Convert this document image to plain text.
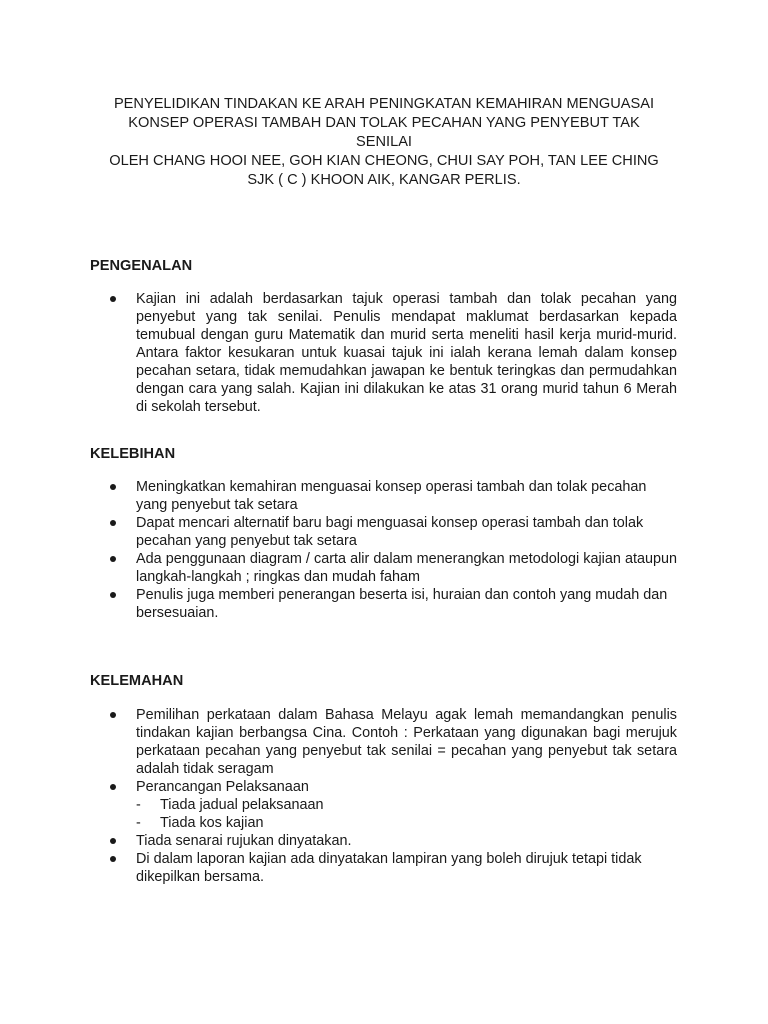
PENYELIDIKAN TINDAKAN KE ARAH PENINGKATAN KEMAHIRAN MENGUASAI
KONSEP OPERASI TAMBAH DAN TOLAK PECAHAN YANG PENYEBUT TAK
SENILAI
OLEH CHANG HOOI NEE, GOH KIAN CHEONG, CHUI SAY POH, TAN LEE CHING
SJK ( C ) KHOON AIK, KANGAR PERLIS.
PENGENALAN
Kajian ini adalah berdasarkan tajuk operasi tambah dan tolak pecahan yang penyebut yang tak senilai. Penulis mendapat maklumat berdasarkan kepada temubual dengan guru Matematik dan murid serta meneliti hasil kerja murid-murid. Antara faktor kesukaran untuk kuasai tajuk ini ialah kerana lemah dalam konsep pecahan setara, tidak memudahkan jawapan ke bentuk teringkas dan permudahkan dengan cara yang salah. Kajian ini dilakukan ke atas 31 orang murid tahun 6 Merah di sekolah tersebut.
KELEBIHAN
Meningkatkan kemahiran menguasai konsep operasi tambah dan tolak pecahan yang penyebut tak setara
Dapat mencari alternatif baru bagi menguasai konsep operasi tambah dan tolak pecahan yang penyebut tak setara
Ada penggunaan diagram / carta alir dalam menerangkan metodologi kajian ataupun langkah-langkah ; ringkas dan mudah faham
Penulis juga memberi penerangan beserta isi, huraian dan contoh yang mudah dan bersesuaian.
KELEMAHAN
Pemilihan perkataan dalam Bahasa Melayu agak lemah memandangkan penulis tindakan kajian berbangsa Cina. Contoh : Perkataan yang digunakan bagi merujuk perkataan pecahan yang penyebut tak senilai = pecahan yang penyebut tak setara adalah tidak seragam
Perancangan Pelaksanaan
- Tiada jadual pelaksanaan
- Tiada kos kajian
Tiada senarai rujukan dinyatakan.
Di dalam laporan kajian ada dinyatakan lampiran yang boleh dirujuk tetapi tidak dikepilkan bersama.
